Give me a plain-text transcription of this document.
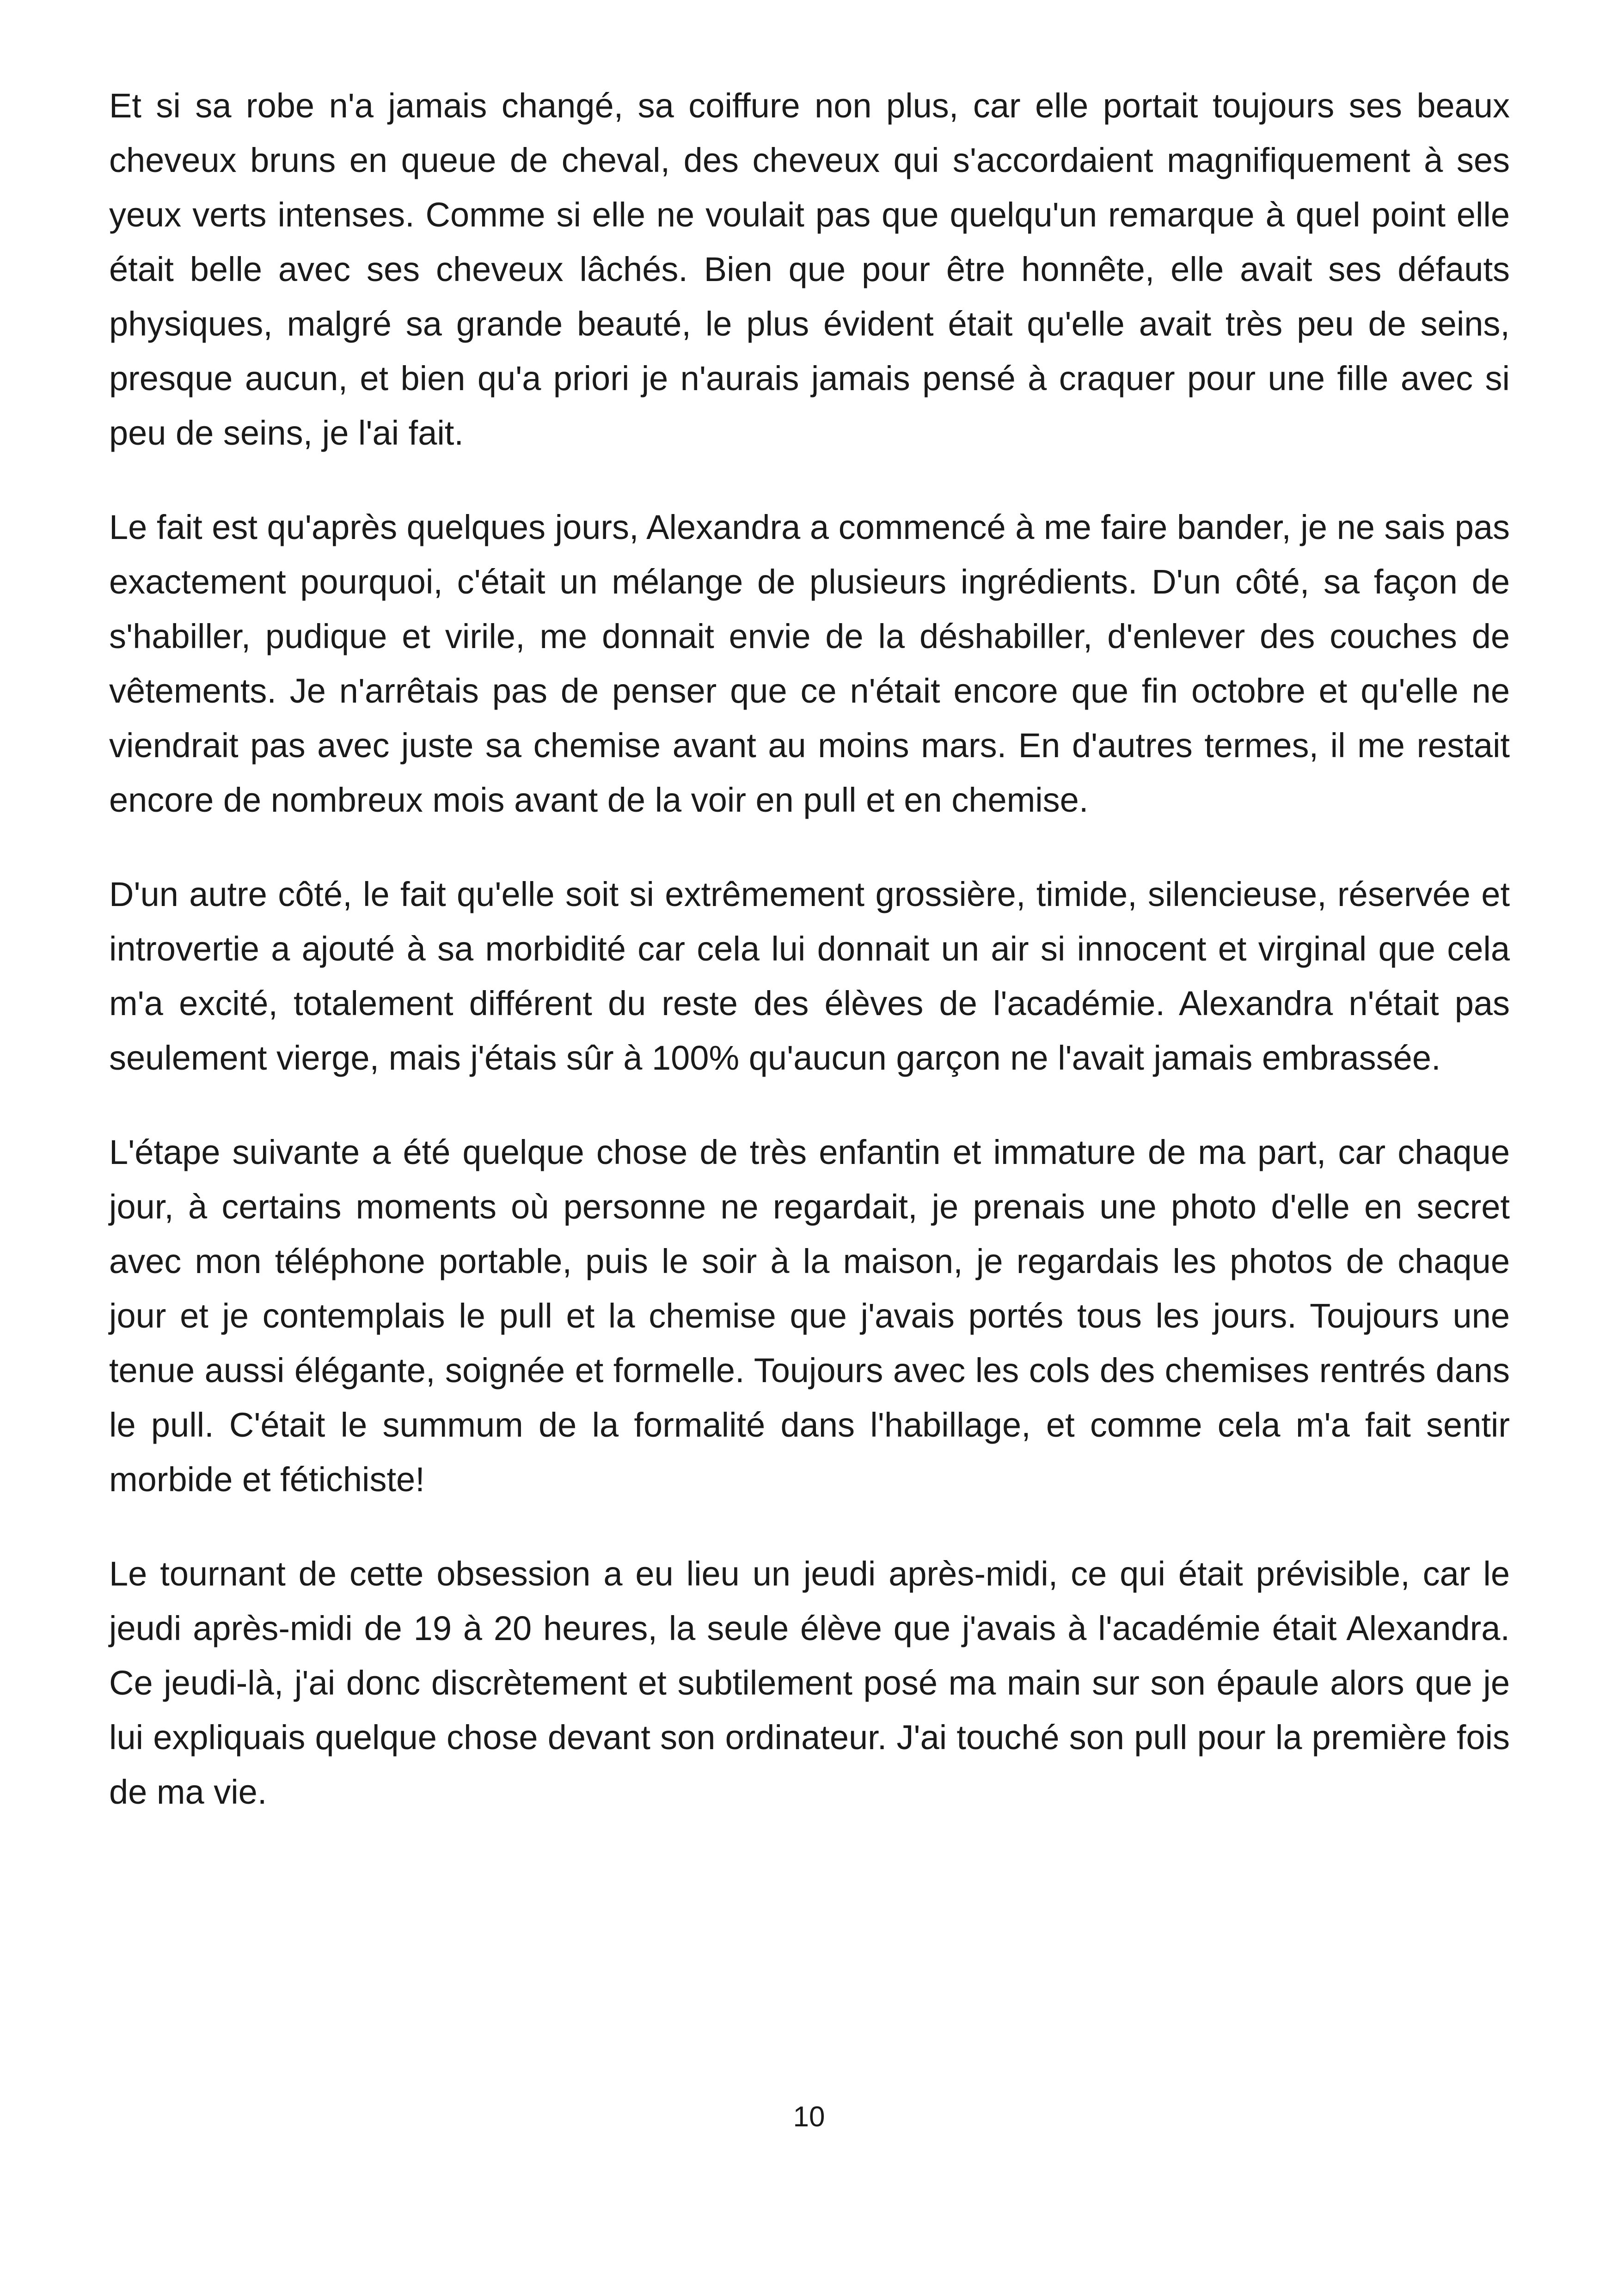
Et si sa robe n'a jamais changé, sa coiffure non plus, car elle portait toujours ses beaux cheveux bruns en queue de cheval, des cheveux qui s'accordaient magnifiquement à ses yeux verts intenses. Comme si elle ne voulait pas que quelqu'un remarque à quel point elle était belle avec ses cheveux lâchés. Bien que pour être honnête, elle avait ses défauts physiques, malgré sa grande beauté, le plus évident était qu'elle avait très peu de seins, presque aucun, et bien qu'a priori je n'aurais jamais pensé à craquer pour une fille avec si peu de seins, je l'ai fait.

Le fait est qu'après quelques jours, Alexandra a commencé à me faire bander, je ne sais pas exactement pourquoi, c'était un mélange de plusieurs ingrédients. D'un côté, sa façon de s'habiller, pudique et virile, me donnait envie de la déshabiller, d'enlever des couches de vêtements. Je n'arrêtais pas de penser que ce n'était encore que fin octobre et qu'elle ne viendrait pas avec juste sa chemise avant au moins mars. En d'autres termes, il me restait encore de nombreux mois avant de la voir en pull et en chemise.

D'un autre côté, le fait qu'elle soit si extrêmement grossière, timide, silencieuse, réservée et introvertie a ajouté à sa morbidité car cela lui donnait un air si innocent et virginal que cela m'a excité, totalement différent du reste des élèves de l'académie. Alexandra n'était pas seulement vierge, mais j'étais sûr à 100% qu'aucun garçon ne l'avait jamais embrassée.

L'étape suivante a été quelque chose de très enfantin et immature de ma part, car chaque jour, à certains moments où personne ne regardait, je prenais une photo d'elle en secret avec mon téléphone portable, puis le soir à la maison, je regardais les photos de chaque jour et je contemplais le pull et la chemise que j'avais portés tous les jours. Toujours une tenue aussi élégante, soignée et formelle. Toujours avec les cols des chemises rentrés dans le pull. C'était le summum de la formalité dans l'habillage, et comme cela m'a fait sentir morbide et fétichiste!

Le tournant de cette obsession a eu lieu un jeudi après-midi, ce qui était prévisible, car le jeudi après-midi de 19 à 20 heures, la seule élève que j'avais à l'académie était Alexandra. Ce jeudi-là, j'ai donc discrètement et subtilement posé ma main sur son épaule alors que je lui expliquais quelque chose devant son ordinateur. J'ai touché son pull pour la première fois de ma vie.

10
